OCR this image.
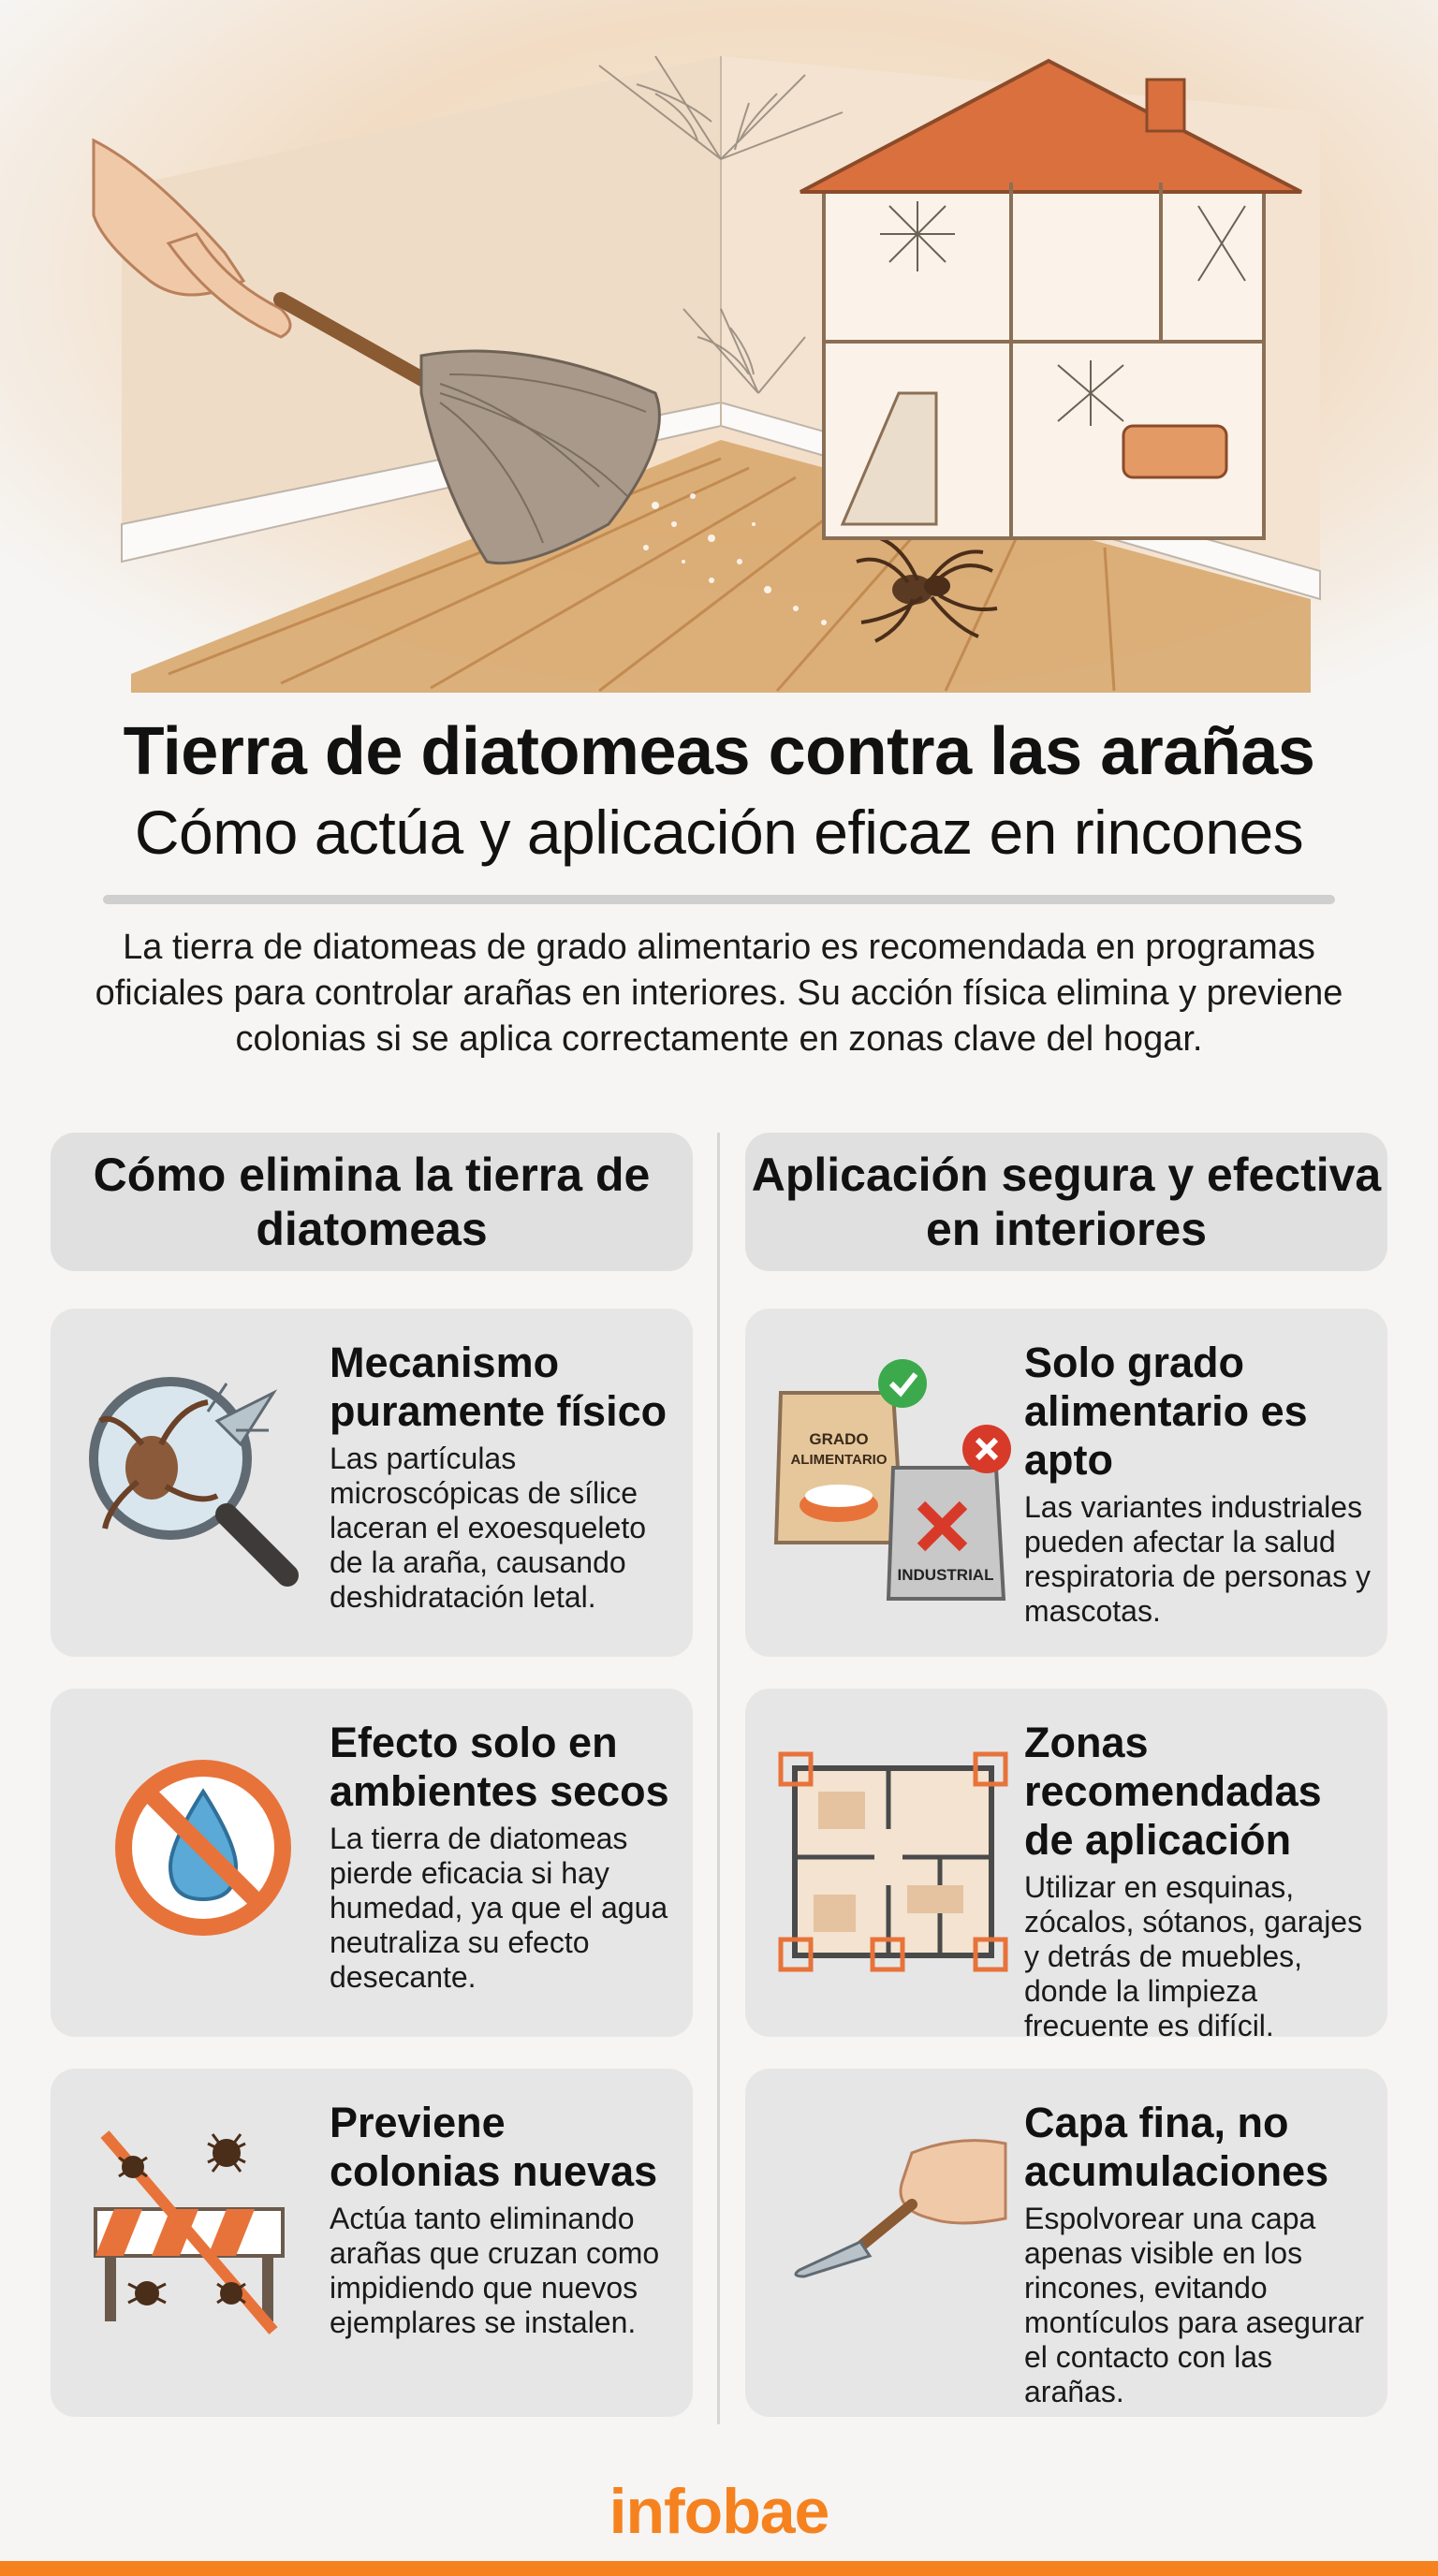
Tierra de diatomeas contra las arañas
Cómo actúa y aplicación eficaz en rincones

La tierra de diatomeas de grado alimentario es recomendada en programas oficiales para controlar arañas en interiores. Su acción física elimina y previene colonias si se aplica correctamente en zonas clave del hogar.

Cómo elimina la tierra de diatomeas
Aplicación segura y efectiva en interiores
Mecanismo puramente físico
Las partículas microscópicas de sílice laceran el exoesqueleto de la araña, causando deshidratación letal.
Efecto solo en ambientes secos
La tierra de diatomeas pierde eficacia si hay humedad, ya que el agua neutraliza su efecto desecante.
Previene colonias nuevas
Actúa tanto eliminando arañas que cruzan como impidiendo que nuevos ejemplares se instalen.
GRADO
ALIMENTARIO
INDUSTRIAL
Solo grado alimentario es apto
Las variantes industriales pueden afectar la salud respiratoria de personas y mascotas.
Zonas recomendadas de aplicación
Utilizar en esquinas, zócalos, sótanos, garajes y detrás de muebles, donde la limpieza frecuente es difícil.
Capa fina, no acumulaciones
Espolvorear una capa apenas visible en los rincones, evitando montículos para asegurar el contacto con las arañas.
infobae
